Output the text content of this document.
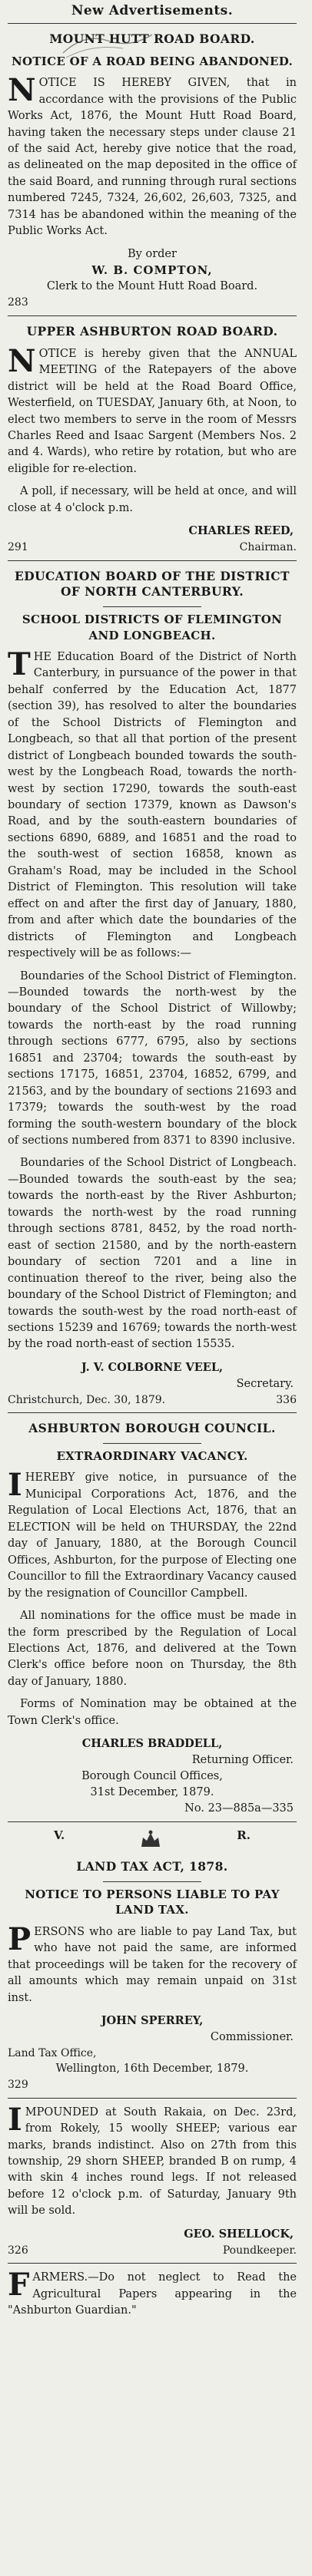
New Advertisements.
MOUNT HUTT ROAD BOARD.
NOTICE OF A ROAD BEING ABANDONED.

NOTICE IS HEREBY GIVEN, that in accordance with the provisions of the Public Works Act, 1876, the Mount Hutt Road Board, having taken the necessary steps under clause 21 of the said Act, hereby give notice that the road, as delineated on the map deposited in the office of the said Board, and running through rural sections numbered 7245, 7324, 26,602, 26,603, 7325, and 7314 has be abandoned within the meaning of the Public Works Act.

By order
W. B. COMPTON,
Clerk to the Mount Hutt Road Board.
283
UPPER ASHBURTON ROAD BOARD.

NOTICE is hereby given that the ANNUAL MEETING of the Ratepayers of the above district will be held at the Road Board Office, Westerfield, on TUESDAY, January 6th, at Noon, to elect two members to serve in the room of Messrs Charles Reed and Isaac Sargent (Members Nos. 2 and 4. Wards), who retire by rotation, but who are eligible for re-election.

A poll, if necessary, will be held at once, and will close at 4 o'clock p.m.

CHARLES REED,
291	Chairman.
EDUCATION BOARD OF THE DISTRICT OF NORTH CANTERBURY.
SCHOOL DISTRICTS OF FLEMINGTON AND LONGBEACH.

THE Education Board of the District of North Canterbury, in pursuance of the power in that behalf conferred by the Education Act, 1877 (section 39), has resolved to alter the boundaries of the School Districts of Flemington and Longbeach, so that all that portion of the present district of Longbeach bounded towards the south-west by the Longbeach Road, towards the north-west by section 17290, towards the south-east boundary of section 17379, known as Dawson's Road, and by the south-eastern boundaries of sections 6890, 6889, and 16851 and the road to the south-west of section 16858, known as Graham's Road, may be included in the School District of Flemington. This resolution will take effect on and after the first day of January, 1880, from and after which date the boundaries of the districts of Flemington and Longbeach respectively will be as follows:—

Boundaries of the School District of Flemington.—Bounded towards the north-west by the boundary of the School District of Willowby; towards the north-east by the road running through sections 6777, 6795, also by sections 16851 and 23704; towards the south-east by sections 17175, 16851, 23704, 16852, 6799, and 21563, and by the boundary of sections 21693 and 17379; towards the south-west by the road forming the south-western boundary of the block of sections numbered from 8371 to 8390 inclusive.

Boundaries of the School District of Longbeach.—Bounded towards the south-east by the sea; towards the north-east by the River Ashburton; towards the north-west by the road running through sections 8781, 8452, by the road north-east of section 21580, and by the north-eastern boundary of section 7201 and a line in continuation thereof to the river, being also the boundary of the School District of Flemington; and towards the south-west by the road north-east of sections 15239 and 16769; towards the north-west by the road north-east of section 15535.

J. V. COLBORNE VEEL,
Secretary.
Christchurch, Dec. 30, 1879.	336
ASHBURTON BOROUGH COUNCIL.
EXTRAORDINARY VACANCY.

IHEREBY give notice, in pursuance of the Municipal Corporations Act, 1876, and the Regulation of Local Elections Act, 1876, that an ELECTION will be held on THURSDAY, the 22nd day of January, 1880, at the Borough Council Offices, Ashburton, for the purpose of Electing one Councillor to fill the Extraordinary Vacancy caused by the resignation of Councillor Campbell.

All nominations for the office must be made in the form prescribed by the Regulation of Local Elections Act, 1876, and delivered at the Town Clerk's office before noon on Thursday, the 8th day of January, 1880.

Forms of Nomination may be obtained at the Town Clerk's office.

CHARLES BRADDELL,
Returning Officer.
Borough Council Offices,
31st December, 1879.
No. 23—885a—335
V.	R.
LAND TAX ACT, 1878.
NOTICE TO PERSONS LIABLE TO PAY LAND TAX.

PERSONS who are liable to pay Land Tax, but who have not paid the same, are informed that proceedings will be taken for the recovery of all amounts which may remain unpaid on 31st inst.

JOHN SPERREY,
Commissioner.
Land Tax Office,
Wellington, 16th December, 1879.
329

IMPOUNDED at South Rakaia, on Dec. 23rd, from Rokely, 15 woolly SHEEP; various ear marks, brands indistinct. Also on 27th from this township, 29 shorn SHEEP, branded B on rump, 4 with skin 4 inches round legs. If not released before 12 o'clock p.m. of Saturday, January 9th will be sold.

GEO. SHELLOCK,
326	Poundkeeper.

FARMERS.—Do not neglect to Read the Agricultural Papers appearing in the "Ashburton Guardian."
